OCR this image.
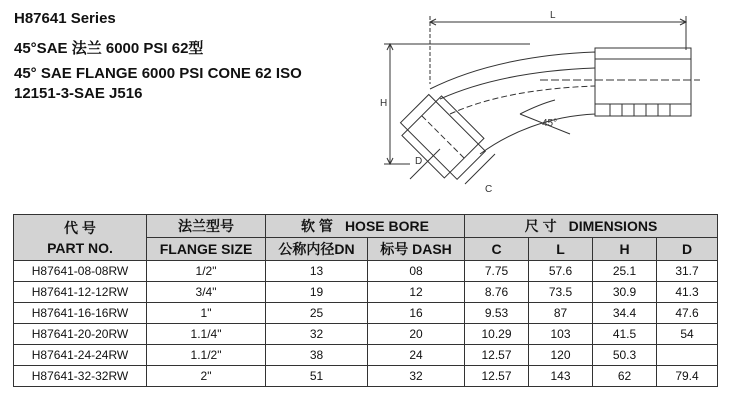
H87641 Series
45°SAE 法兰 6000 PSI 62型
45° SAE FLANGE 6000 PSI CONE 62 ISO
12151-3-SAE J516
L
H
D
C
45°
代 号
PART NO.	法兰型号	软 管 HOSE BORE		尺 寸 DIMENSIONS			
	FLANGE SIZE	公称内径DN	标号 DASH	C	L	H	D
H87641-08-08RW	1/2"	13	08	7.75	57.6	25.1	31.7
H87641-12-12RW	3/4"	19	12	8.76	73.5	30.9	41.3
H87641-16-16RW	1"	25	16	9.53	87	34.4	47.6
H87641-20-20RW	1.1/4"	32	20	10.29	103	41.5	54
H87641-24-24RW	1.1/2"	38	24	12.57	120	50.3	
H87641-32-32RW	2"	51	32	12.57	143	62	79.4
